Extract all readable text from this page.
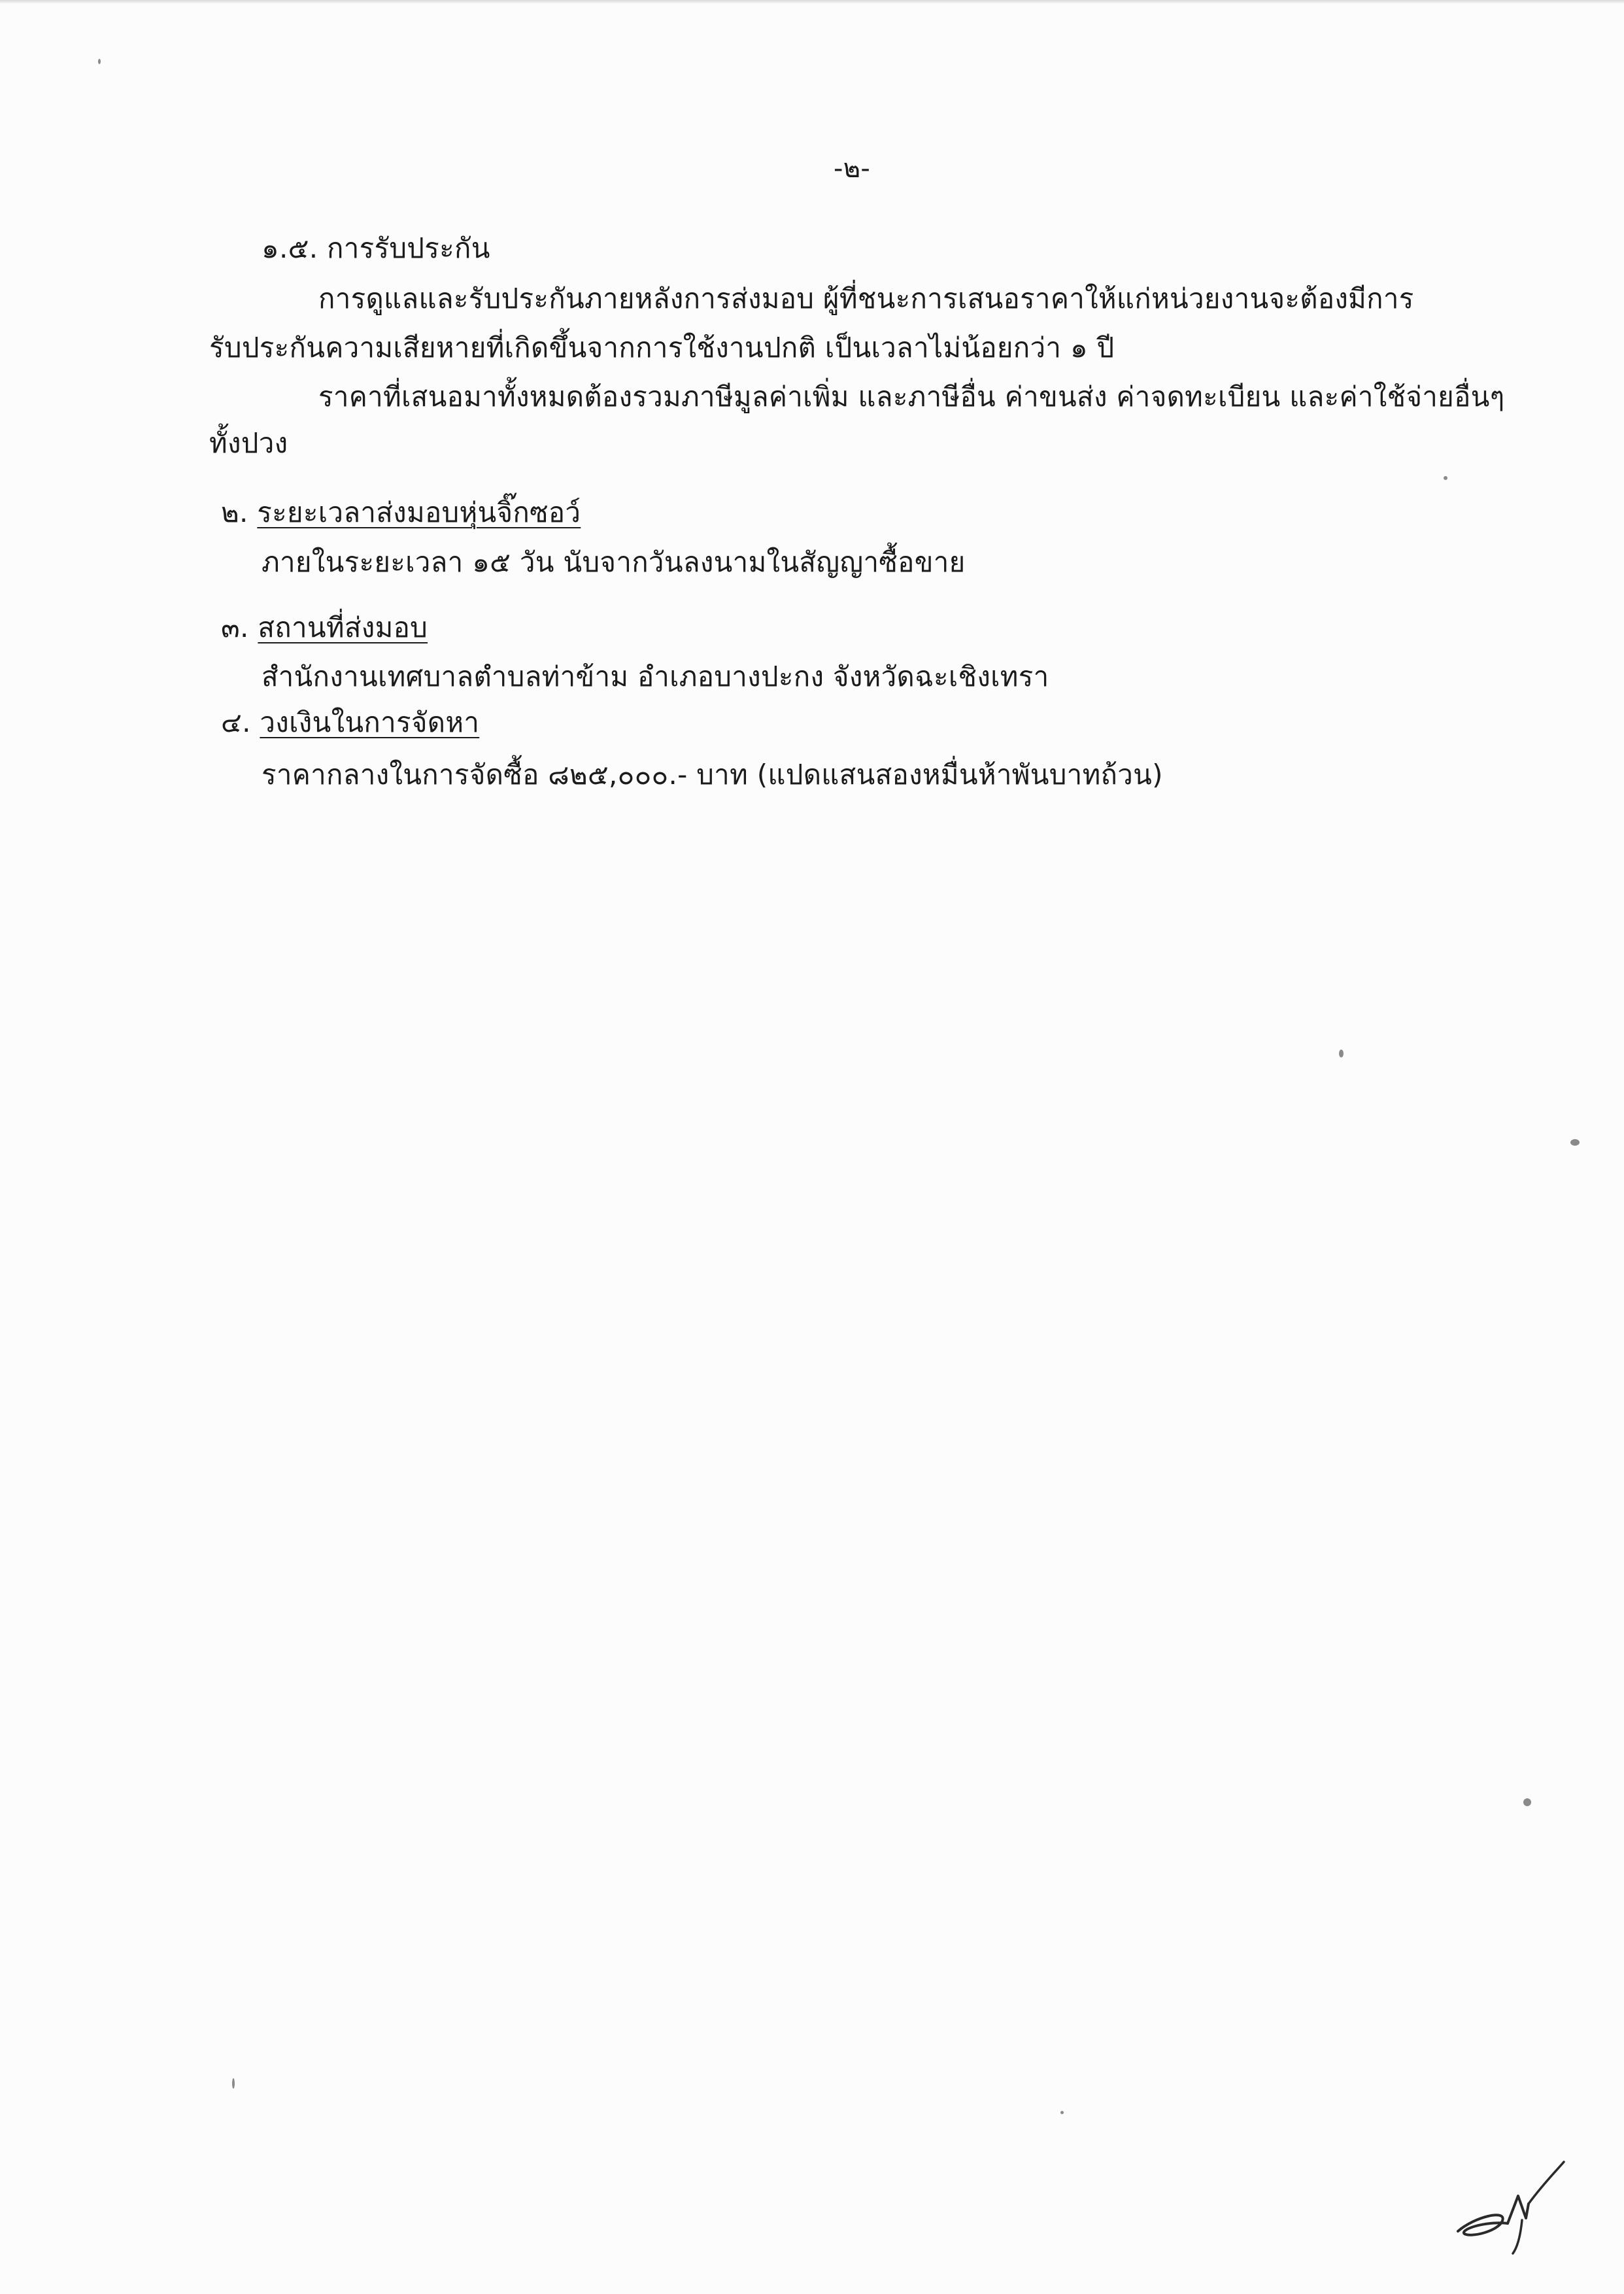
-๒-
๑.๕. การรับประกัน
การดูแลและรับประกันภายหลังการส่งมอบ ผู้ที่ชนะการเสนอราคาให้แก่หน่วยงานจะต้องมีการ
รับประกันความเสียหายที่เกิดขึ้นจากการใช้งานปกติ เป็นเวลาไม่น้อยกว่า ๑ ปี
ราคาที่เสนอมาทั้งหมดต้องรวมภาษีมูลค่าเพิ่ม และภาษีอื่น ค่าขนส่ง ค่าจดทะเบียน และค่าใช้จ่ายอื่นๆ
ทั้งปวง
๒. ระยะเวลาส่งมอบหุ่นจิ๊กซอว์
ภายในระยะเวลา ๑๕ วัน นับจากวันลงนามในสัญญาซื้อขาย
๓. สถานที่ส่งมอบ
สำนักงานเทศบาลตำบลท่าข้าม อำเภอบางปะกง จังหวัดฉะเชิงเทรา
๔. วงเงินในการจัดหา
ราคากลางในการจัดซื้อ ๘๒๕,๐๐๐.- บาท (แปดแสนสองหมื่นห้าพันบาทถ้วน)
